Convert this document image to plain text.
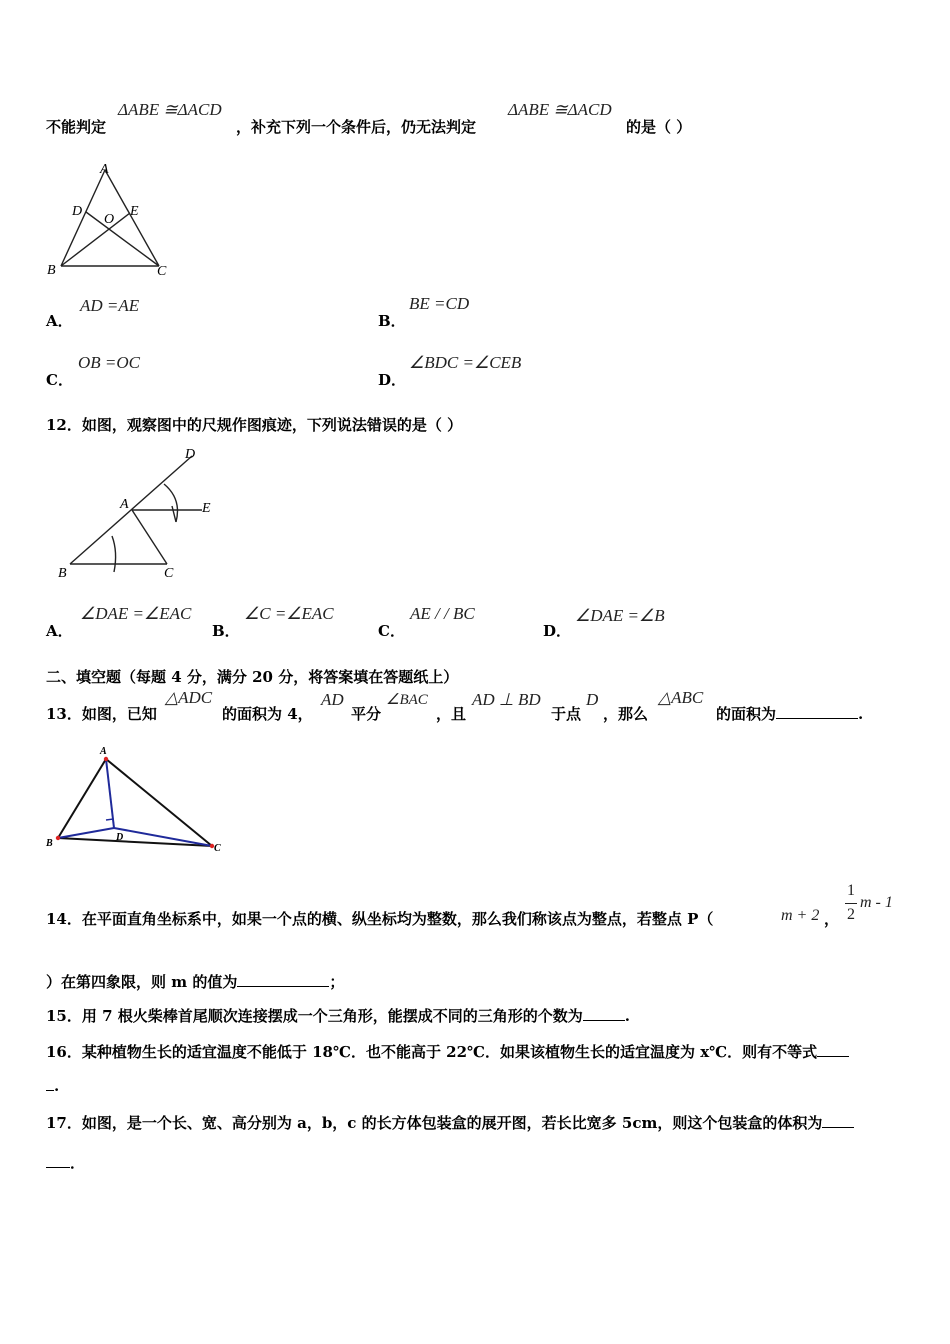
不能判定
ΔABE ≅ΔACD
，补充下列一个条件后，仍无法判定
ΔABE ≅ΔACD
的是（ ）
A
B	C
D	E
O
A．
AD =AE
B．
BE =CD
C．
OB =OC
D．
∠BDC =∠CEB
12．如图，观察图中的尺规作图痕迹，下列说法错误的是（ ）
D
A	E
B	C
A．
∠DAE =∠EAC
B．
∠C =∠EAC
C．
AE / / BC
D．
∠DAE =∠B
二、填空题（每题 4 分，满分 20 分，将答案填在答题纸上）
13．如图，已知
△ADC
的面积为 4，
AD
平分
∠BAC
，且
AD ⊥ BD
于点
D
，那么
△ABC
的面积为	.
A
B	C
D
14．在平面直角坐标系中，如果一个点的横、纵坐标均为整数，那么我们称该点为整点，若整点 P（	m + 2 ，
1
2
m - 1
）在第四象限，则 m 的值为	；
15．用 7 根火柴棒首尾顺次连接摆成一个三角形，能摆成不同的三角形的个数为	.
16．某种植物生长的适宜温度不能低于 18℃．也不能高于 22℃．如果该植物生长的适宜温度为 x℃．则有不等式
.
17．如图，是一个长、宽、高分别为 a，b，c 的长方体包装盒的展开图，若长比宽多 5cm，则这个包装盒的体积为
．
